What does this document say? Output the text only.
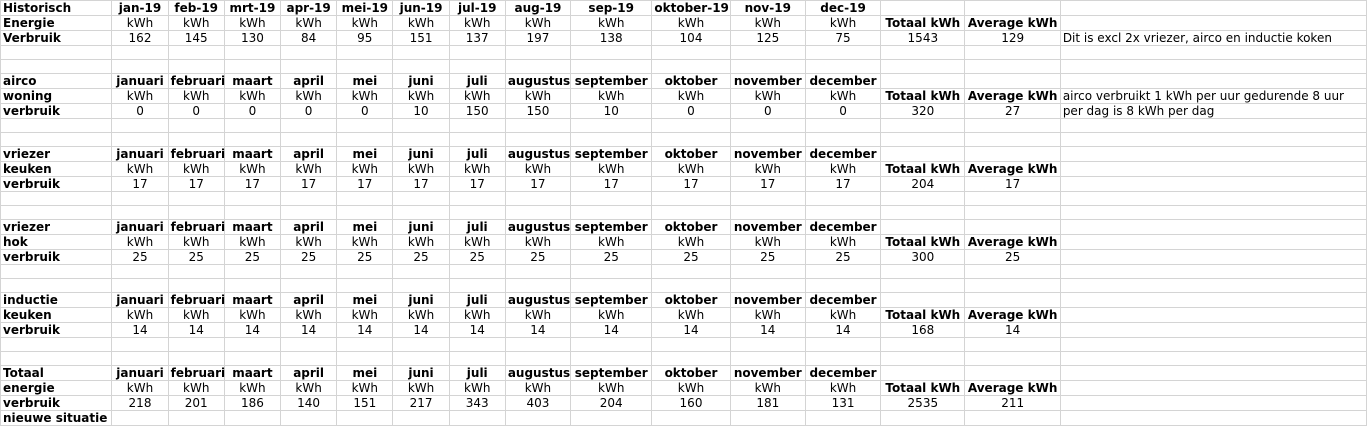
Historisch	jan-19	feb-19	mrt-19	apr-19	mei-19	jun-19	jul-19	aug-19	sep-19	oktober-19	nov-19	dec-19			
Energie	kWh	kWh	kWh	kWh	kWh	kWh	kWh	kWh	kWh	kWh	kWh	kWh	Totaal kWh	Average kWh	
Verbruik	162	145	130	84	95	151	137	197	138	104	125	75	1543	129	Dit is excl 2x vriezer, airco en inductie koken

airco	januari	februari	maart	april	mei	juni	juli	augustus	september	oktober	november	december			
woning	kWh	kWh	kWh	kWh	kWh	kWh	kWh	kWh	kWh	kWh	kWh	kWh	Totaal kWh	Average kWh	airco verbruikt 1 kWh per uur gedurende 8 uur
verbruik	0	0	0	0	0	10	150	150	10	0	0	0	320	27	per dag is 8 kWh per dag

vriezer	januari	februari	maart	april	mei	juni	juli	augustus	september	oktober	november	december			
keuken	kWh	kWh	kWh	kWh	kWh	kWh	kWh	kWh	kWh	kWh	kWh	kWh	Totaal kWh	Average kWh	
verbruik	17	17	17	17	17	17	17	17	17	17	17	17	204	17	

vriezer	januari	februari	maart	april	mei	juni	juli	augustus	september	oktober	november	december			
hok	kWh	kWh	kWh	kWh	kWh	kWh	kWh	kWh	kWh	kWh	kWh	kWh	Totaal kWh	Average kWh	
verbruik	25	25	25	25	25	25	25	25	25	25	25	25	300	25	

inductie	januari	februari	maart	april	mei	juni	juli	augustus	september	oktober	november	december			
keuken	kWh	kWh	kWh	kWh	kWh	kWh	kWh	kWh	kWh	kWh	kWh	kWh	Totaal kWh	Average kWh	
verbruik	14	14	14	14	14	14	14	14	14	14	14	14	168	14	

Totaal	januari	februari	maart	april	mei	juni	juli	augustus	september	oktober	november	december			
energie	kWh	kWh	kWh	kWh	kWh	kWh	kWh	kWh	kWh	kWh	kWh	kWh	Totaal kWh	Average kWh	
verbruik	218	201	186	140	151	217	343	403	204	160	181	131	2535	211	
nieuwe situatie															
